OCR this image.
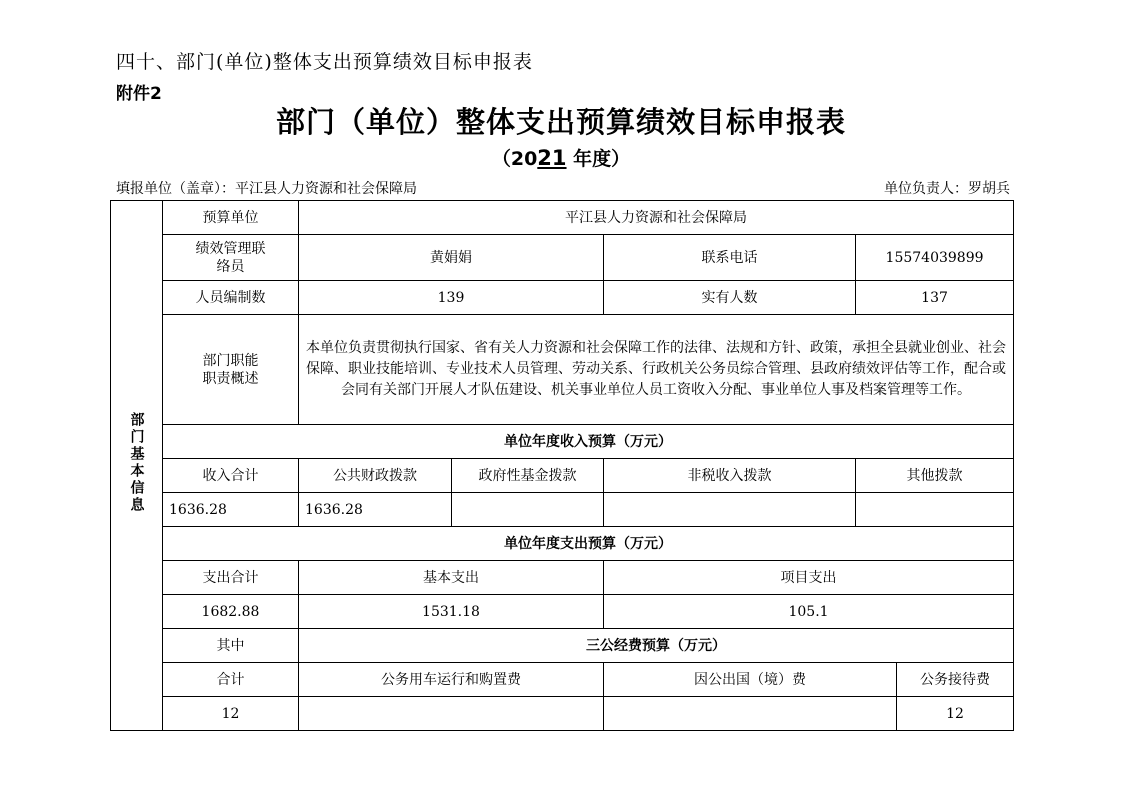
四十、部门(单位)整体支出预算绩效目标申报表
附件2
部门（单位）整体支出预算绩效目标申报表
（2021 年度）
填报单位（盖章）：平江县人力资源和社会保障局	单位负责人：罗胡兵
部门基本信息	预算单位	平江县人力资源和社会保障局				
	绩效管理联络员	黄娟娟		联系电话	15574039899	
	人员编制数	139		实有人数	137	
	部门职能职责概述	本单位负责贯彻执行国家、省有关人力资源和社会保障工作的法律、法规和方针、政策，承担全县就业创业、社会保障、职业技能培训、专业技术人员管理、劳动关系、行政机关公务员综合管理、县政府绩效评估等工作，配合或会同有关部门开展人才队伍建设、机关事业单位人员工资收入分配、事业单位人事及档案管理等工作。				
	单位年度收入预算（万元）					
	收入合计	公共财政拨款	政府性基金拨款	非税收入拨款	其他拨款	
	1636.28	1636.28				
	单位年度支出预算（万元）					
	支出合计	基本支出		项目支出		
	1682.88	1531.18		105.1		
	其中	三公经费预算（万元）				
	合计	公务用车运行和购置费		因公出国（境）费		公务接待费
	12					12
